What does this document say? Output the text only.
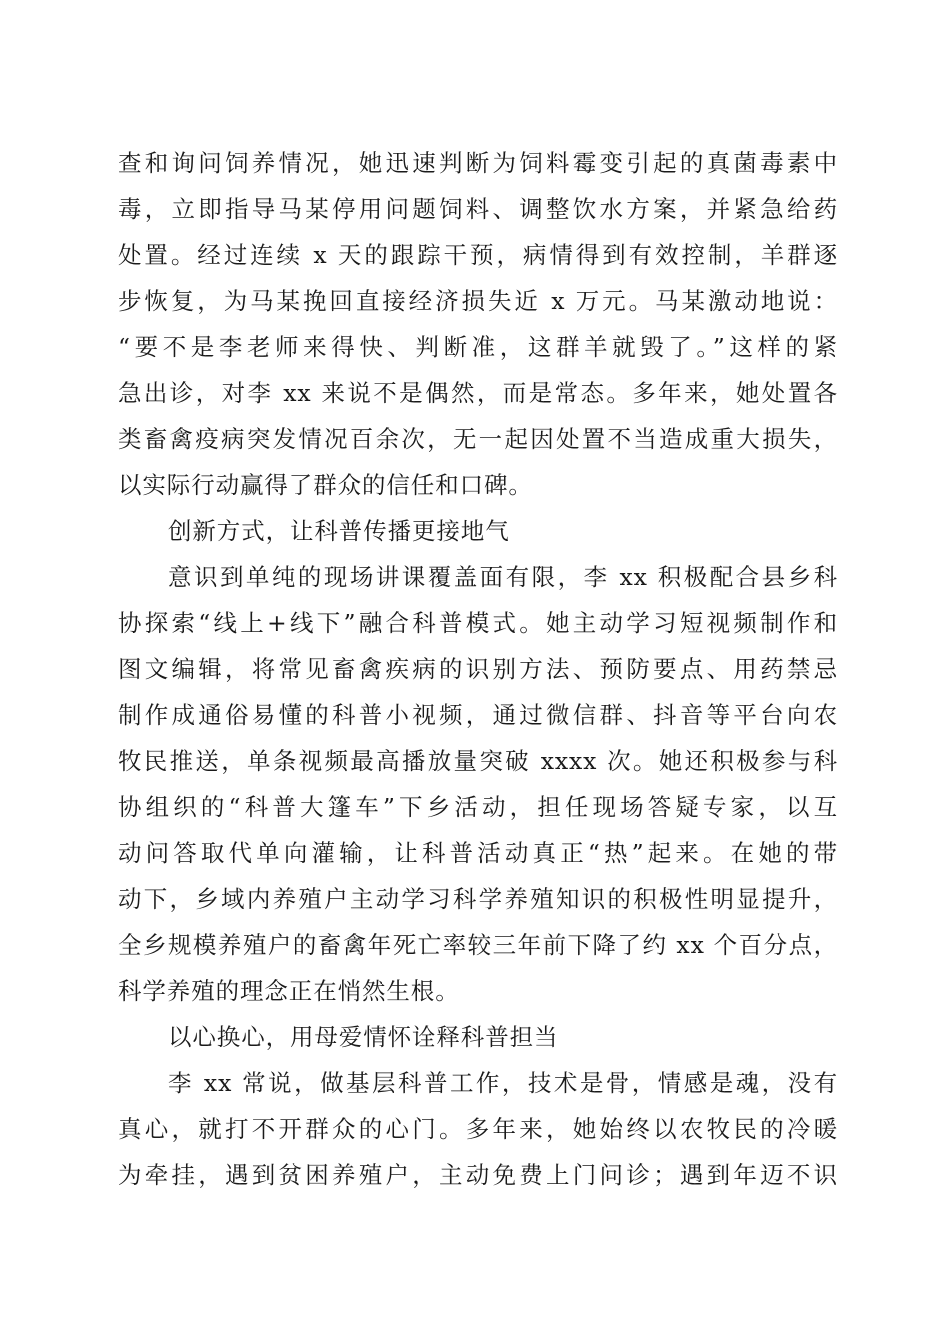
查和询问饲养情况，她迅速判断为饲料霉变引起的真菌毒素中
毒，立即指导马某停用问题饲料、调整饮水方案，并紧急给药
处置。经过连续 x 天的跟踪干预，病情得到有效控制，羊群逐
步恢复，为马某挽回直接经济损失近 x 万元。马某激动地说：
“要不是李老师来得快、判断准，这群羊就毁了。”这样的紧
急出诊，对李 xx 来说不是偶然，而是常态。多年来，她处置各
类畜禽疫病突发情况百余次，无一起因处置不当造成重大损失，
以实际行动赢得了群众的信任和口碑。
创新方式，让科普传播更接地气
意识到单纯的现场讲课覆盖面有限，李 xx 积极配合县乡科
协探索“线上+线下”融合科普模式。她主动学习短视频制作和
图文编辑，将常见畜禽疾病的识别方法、预防要点、用药禁忌
制作成通俗易懂的科普小视频，通过微信群、抖音等平台向农
牧民推送，单条视频最高播放量突破 xxxx 次。她还积极参与科
协组织的“科普大篷车”下乡活动，担任现场答疑专家，以互
动问答取代单向灌输，让科普活动真正“热”起来。在她的带
动下，乡域内养殖户主动学习科学养殖知识的积极性明显提升，
全乡规模养殖户的畜禽年死亡率较三年前下降了约 xx 个百分点，
科学养殖的理念正在悄然生根。
以心换心，用母爱情怀诠释科普担当
李 xx 常说，做基层科普工作，技术是骨，情感是魂，没有
真心，就打不开群众的心门。多年来，她始终以农牧民的冷暖
为牵挂，遇到贫困养殖户，主动免费上门问诊；遇到年迈不识
